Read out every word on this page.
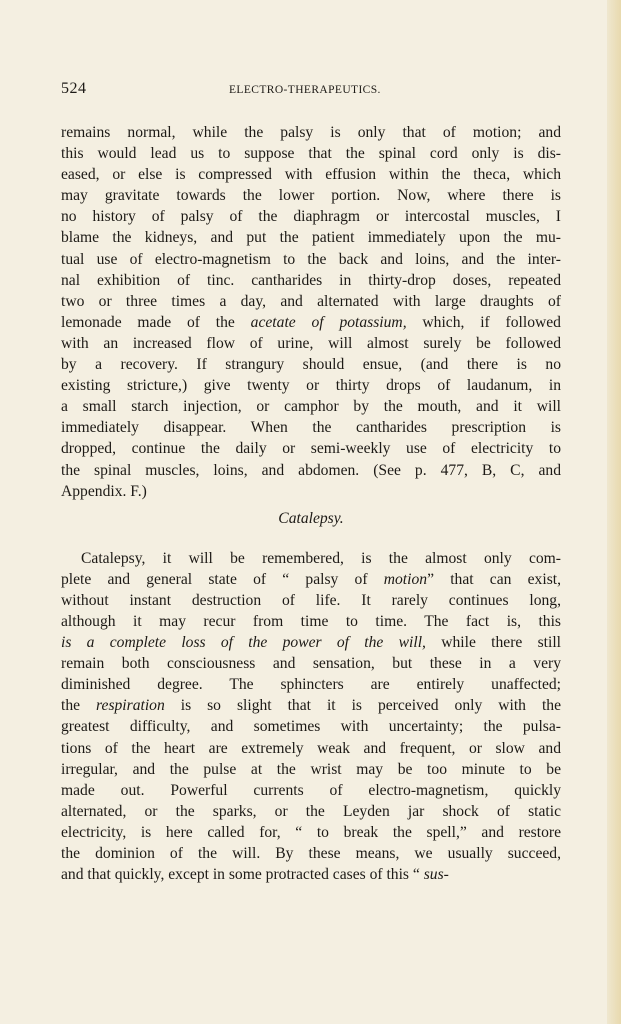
524	ELECTRO-THERAPEUTICS.
remains normal, while the palsy is only that of motion; and
this would lead us to suppose that the spinal cord only is dis-
eased, or else is compressed with effusion within the theca, which
may gravitate towards the lower portion. Now, where there is
no history of palsy of the diaphragm or intercostal muscles, I
blame the kidneys, and put the patient immediately upon the mu-
tual use of electro-magnetism to the back and loins, and the inter-
nal exhibition of tinc. cantharides in thirty-drop doses, repeated
two or three times a day, and alternated with large draughts of
lemonade made of the acetate of potassium, which, if followed
with an increased flow of urine, will almost surely be followed
by a recovery. If strangury should ensue, (and there is no
existing stricture,) give twenty or thirty drops of laudanum, in
a small starch injection, or camphor by the mouth, and it will
immediately disappear. When the cantharides prescription is
dropped, continue the daily or semi-weekly use of electricity to
the spinal muscles, loins, and abdomen. (See p. 477, B, C, and
Appendix. F.)
Catalepsy.
Catalepsy, it will be remembered, is the almost only com-
plete and general state of “ palsy of motion” that can exist,
without instant destruction of life. It rarely continues long,
although it may recur from time to time. The fact is, this
is a complete loss of the power of the will, while there still
remain both consciousness and sensation, but these in a very
diminished degree. The sphincters are entirely unaffected;
the respiration is so slight that it is perceived only with the
greatest difficulty, and sometimes with uncertainty; the pulsa-
tions of the heart are extremely weak and frequent, or slow and
irregular, and the pulse at the wrist may be too minute to be
made out. Powerful currents of electro-magnetism, quickly
alternated, or the sparks, or the Leyden jar shock of static
electricity, is here called for, “ to break the spell,” and restore
the dominion of the will. By these means, we usually succeed,
and that quickly, except in some protracted cases of this “ sus-
